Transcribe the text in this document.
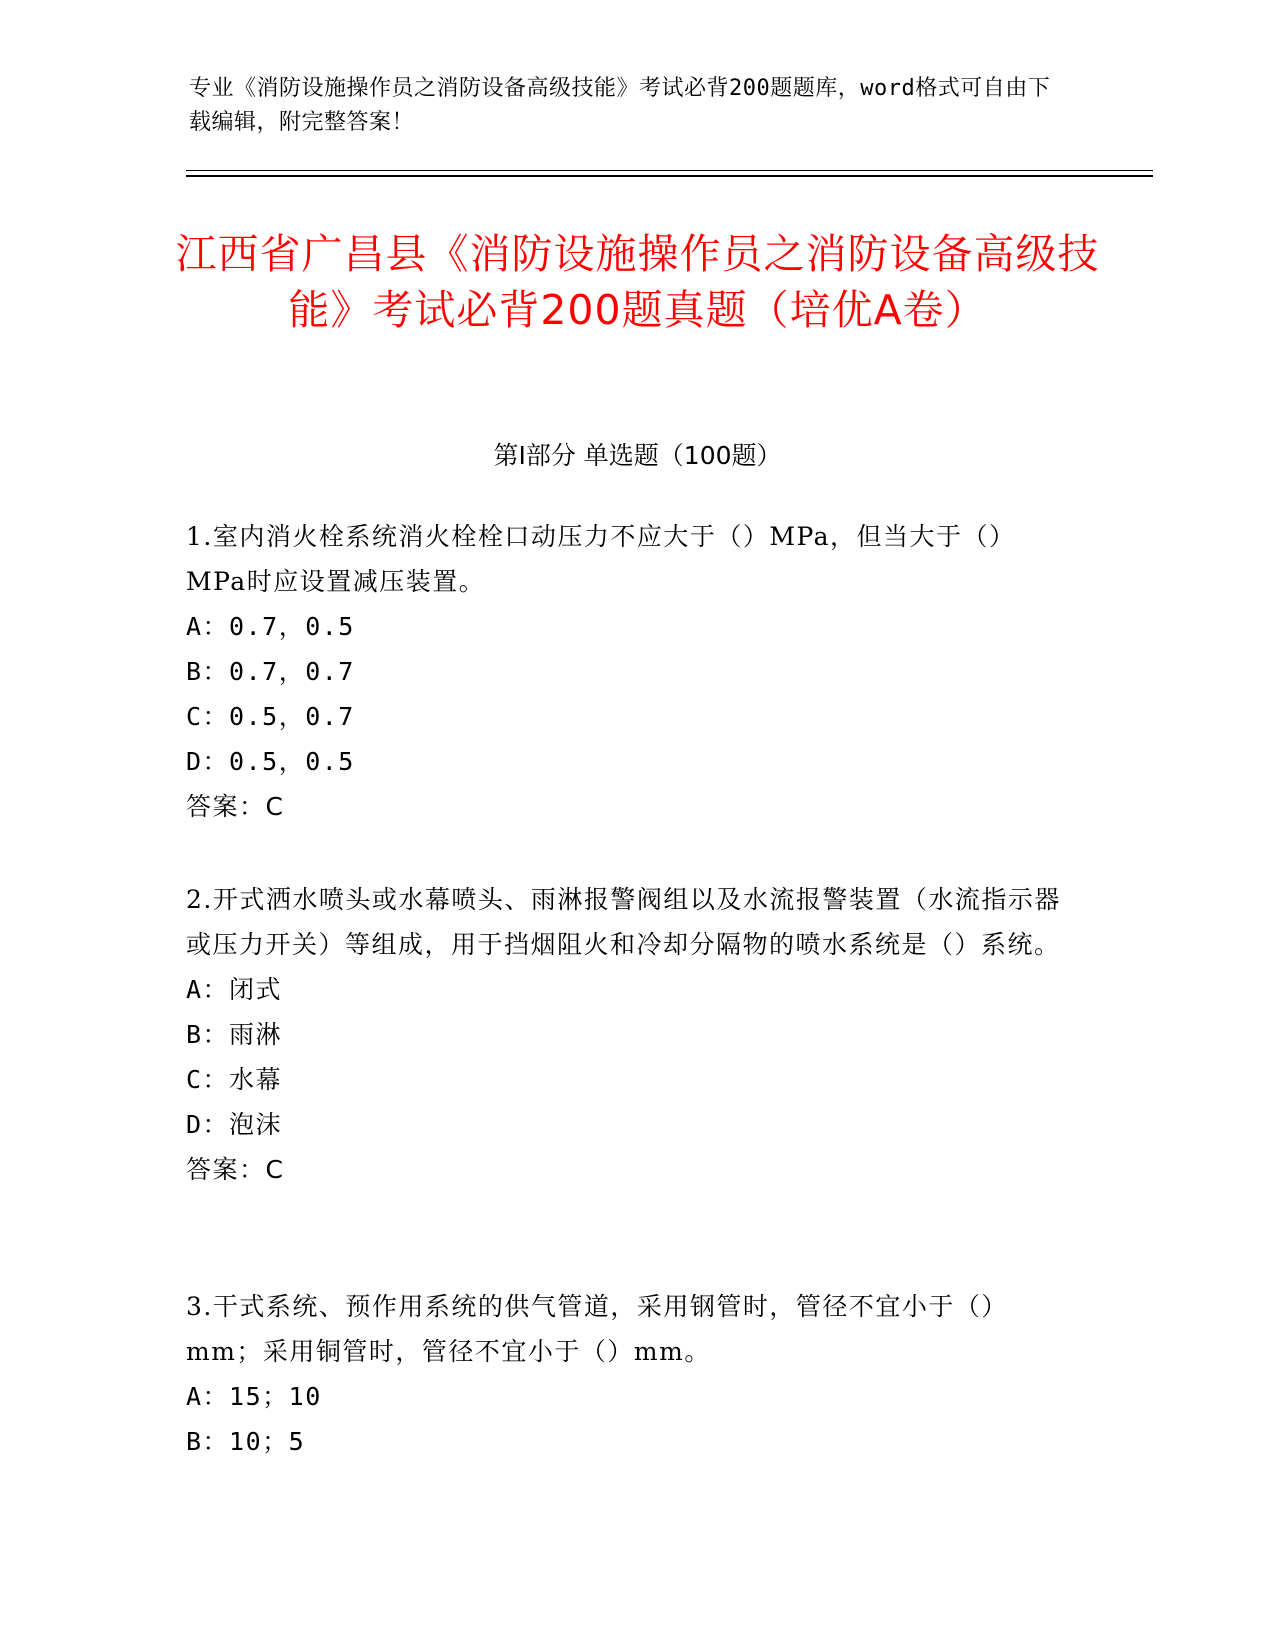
专业《消防设施操作员之消防设备高级技能》考试必背200题题库，word格式可自由下载编辑，附完整答案！
江西省广昌县《消防设施操作员之消防设备高级技能》考试必背200题真题（培优A卷）
第Ⅰ部分 单选题（100题）
1.室内消火栓系统消火栓栓口动压力不应大于（）MPa，但当大于（）MPa时应设置减压装置。
A：0.7，0.5
B：0.7，0.7
C：0.5，0.7
D：0.5，0.5
答案：C
2.开式洒水喷头或水幕喷头、雨淋报警阀组以及水流报警装置（水流指示器或压力开关）等组成，用于挡烟阻火和冷却分隔物的喷水系统是（）系统。
A：闭式
B：雨淋
C：水幕
D：泡沫
答案：C
3.干式系统、预作用系统的供气管道，采用钢管时，管径不宜小于（）mm；采用铜管时，管径不宜小于（）mm。
A：15；10
B：10；5
